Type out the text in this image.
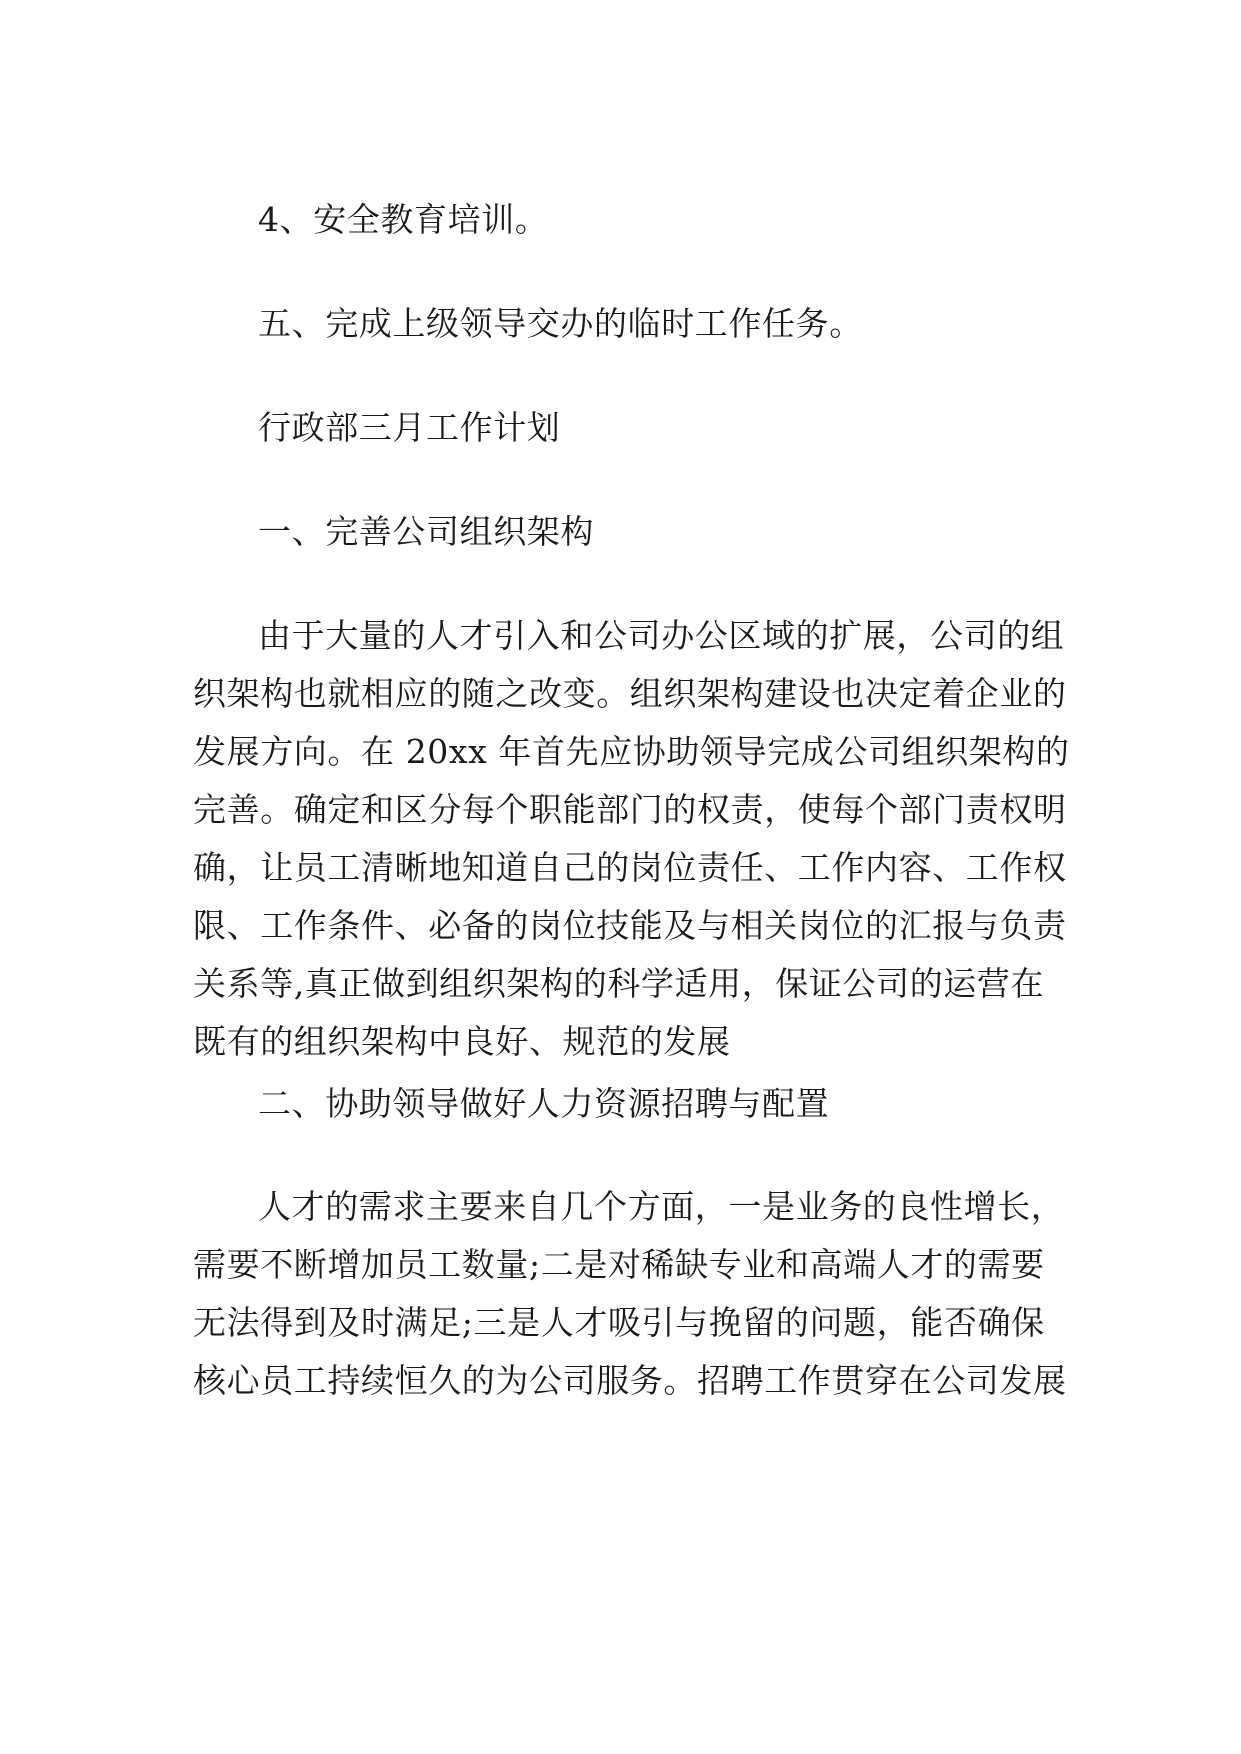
4、安全教育培训。

五、完成上级领导交办的临时工作任务。

行政部三月工作计划

一、完善公司组织架构

由于大量的人才引入和公司办公区域的扩展，公司的组
织架构也就相应的随之改变。组织架构建设也决定着企业的
发展方向。在 20xx 年首先应协助领导完成公司组织架构的
完善。确定和区分每个职能部门的权责，使每个部门责权明
确，让员工清晰地知道自己的岗位责任、工作内容、工作权
限、工作条件、必备的岗位技能及与相关岗位的汇报与负责
关系等,真正做到组织架构的科学适用，保证公司的运营在
既有的组织架构中良好、规范的发展

二、协助领导做好人力资源招聘与配置

人才的需求主要来自几个方面，一是业务的良性增长，
需要不断增加员工数量;二是对稀缺专业和高端人才的需要
无法得到及时满足;三是人才吸引与挽留的问题，能否确保
核心员工持续恒久的为公司服务。招聘工作贯穿在公司发展
